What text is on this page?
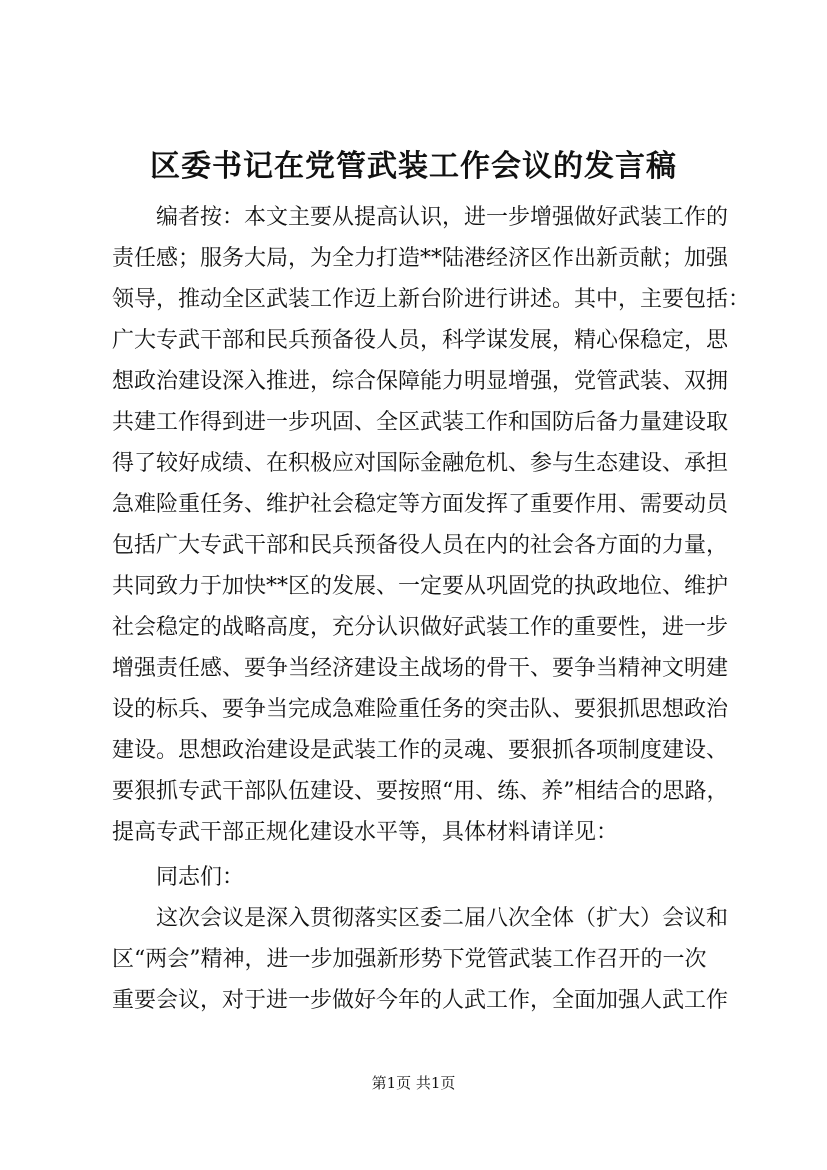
区委书记在党管武装工作会议的发言稿
　　编者按：本文主要从提高认识，进一步增强做好武装工作的
责任感；服务大局，为全力打造**陆港经济区作出新贡献；加强
领导，推动全区武装工作迈上新台阶进行讲述。其中，主要包括：
广大专武干部和民兵预备役人员，科学谋发展，精心保稳定，思
想政治建设深入推进，综合保障能力明显增强，党管武装、双拥
共建工作得到进一步巩固、全区武装工作和国防后备力量建设取
得了较好成绩、在积极应对国际金融危机、参与生态建设、承担
急难险重任务、维护社会稳定等方面发挥了重要作用、需要动员
包括广大专武干部和民兵预备役人员在内的社会各方面的力量，
共同致力于加快**区的发展、一定要从巩固党的执政地位、维护
社会稳定的战略高度，充分认识做好武装工作的重要性，进一步
增强责任感、要争当经济建设主战场的骨干、要争当精神文明建
设的标兵、要争当完成急难险重任务的突击队、要狠抓思想政治
建设。思想政治建设是武装工作的灵魂、要狠抓各项制度建设、
要狠抓专武干部队伍建设、要按照“用、练、养”相结合的思路，
提高专武干部正规化建设水平等，具体材料请详见：
　　同志们：
　　这次会议是深入贯彻落实区委二届八次全体（扩大）会议和
区“两会”精神，进一步加强新形势下党管武装工作召开的一次
重要会议，对于进一步做好今年的人武工作，全面加强人武工作
第1页 共1页
